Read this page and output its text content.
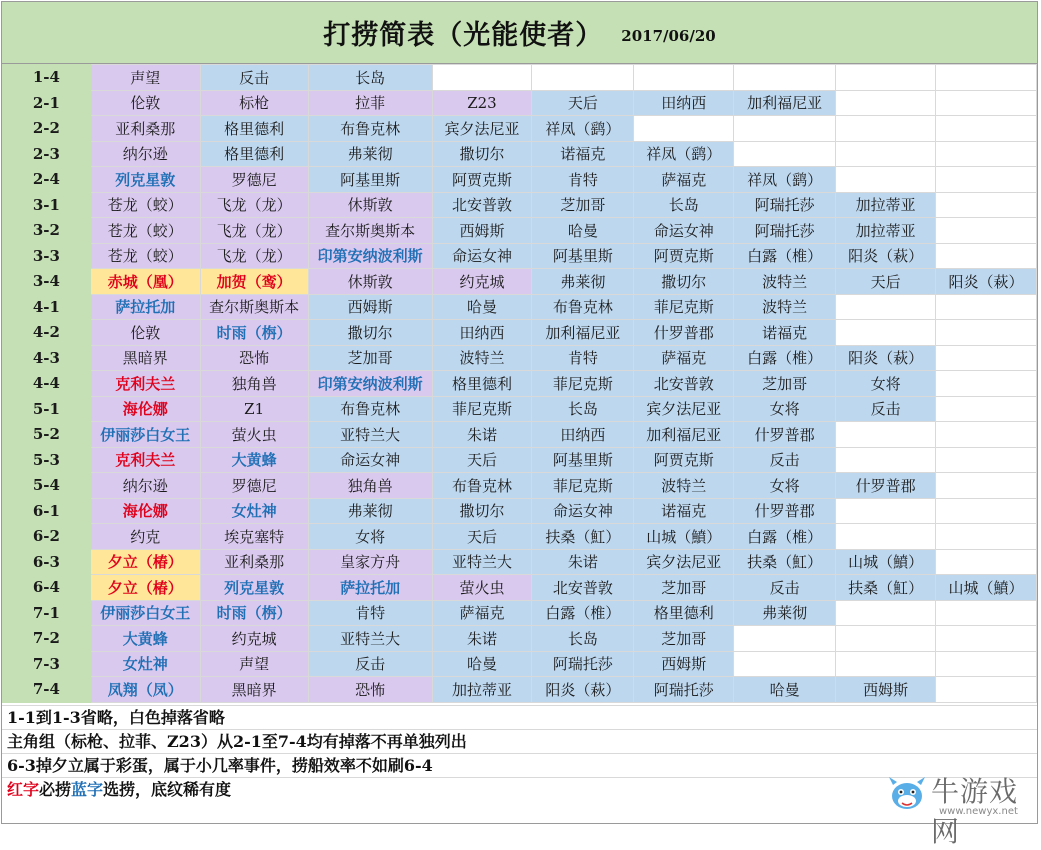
打捞简表（光能使者） 2017/06/20
1-4	声望	反击	长岛						
2-1	伦敦	标枪	拉菲	Z23	天后	田纳西	加利福尼亚		
2-2	亚利桑那	格里德利	布鲁克林	宾夕法尼亚	祥凤（鹞）				
2-3	纳尔逊	格里德利	弗莱彻	撒切尔	诺福克	祥凤（鹞）			
2-4	列克星敦	罗德尼	阿基里斯	阿贾克斯	肯特	萨福克	祥凤（鹞）		
3-1	苍龙（蛟）	飞龙（龙）	休斯敦	北安普敦	芝加哥	长岛	阿瑞托莎	加拉蒂亚	
3-2	苍龙（蛟）	飞龙（龙）	查尔斯奥斯本	西姆斯	哈曼	命运女神	阿瑞托莎	加拉蒂亚	
3-3	苍龙（蛟）	飞龙（龙）	印第安纳波利斯	命运女神	阿基里斯	阿贾克斯	白露（椎）	阳炎（萩）	
3-4	赤城（凰）	加贺（鸾）	休斯敦	约克城	弗莱彻	撒切尔	波特兰	天后	阳炎（萩）
4-1	萨拉托加	查尔斯奥斯本	西姆斯	哈曼	布鲁克林	菲尼克斯	波特兰		
4-2	伦敦	时雨（栴）	撒切尔	田纳西	加利福尼亚	什罗普郡	诺福克		
4-3	黑暗界	恐怖	芝加哥	波特兰	肯特	萨福克	白露（椎）	阳炎（萩）	
4-4	克利夫兰	独角兽	印第安纳波利斯	格里德利	菲尼克斯	北安普敦	芝加哥	女将	
5-1	海伦娜	Z1	布鲁克林	菲尼克斯	长岛	宾夕法尼亚	女将	反击	
5-2	伊丽莎白女王	萤火虫	亚特兰大	朱诺	田纳西	加利福尼亚	什罗普郡		
5-3	克利夫兰	大黄蜂	命运女神	天后	阿基里斯	阿贾克斯	反击		
5-4	纳尔逊	罗德尼	独角兽	布鲁克林	菲尼克斯	波特兰	女将	什罗普郡	
6-1	海伦娜	女灶神	弗莱彻	撒切尔	命运女神	诺福克	什罗普郡		
6-2	约克	埃克塞特	女将	天后	扶桑（魟）	山城（鱝）	白露（椎）		
6-3	夕立（椿）	亚利桑那	皇家方舟	亚特兰大	朱诺	宾夕法尼亚	扶桑（魟）	山城（鱝）	
6-4	夕立（椿）	列克星敦	萨拉托加	萤火虫	北安普敦	芝加哥	反击	扶桑（魟）	山城（鱝）
7-1	伊丽莎白女王	时雨（栴）	肯特	萨福克	白露（椎）	格里德利	弗莱彻		
7-2	大黄蜂	约克城	亚特兰大	朱诺	长岛	芝加哥			
7-3	女灶神	声望	反击	哈曼	阿瑞托莎	西姆斯			
7-4	凤翔（凤）	黑暗界	恐怖	加拉蒂亚	阳炎（萩）	阿瑞托莎	哈曼	西姆斯	
1-1到1-3省略，白色掉落省略
主角组（标枪、拉菲、Z23）从2-1至7-4均有掉落不再单独列出
6-3掉夕立属于彩蛋，属于小几率事件，捞船效率不如刷6-4
红字必捞蓝字选捞，底纹稀有度	牛游戏网
www.newyx.net
